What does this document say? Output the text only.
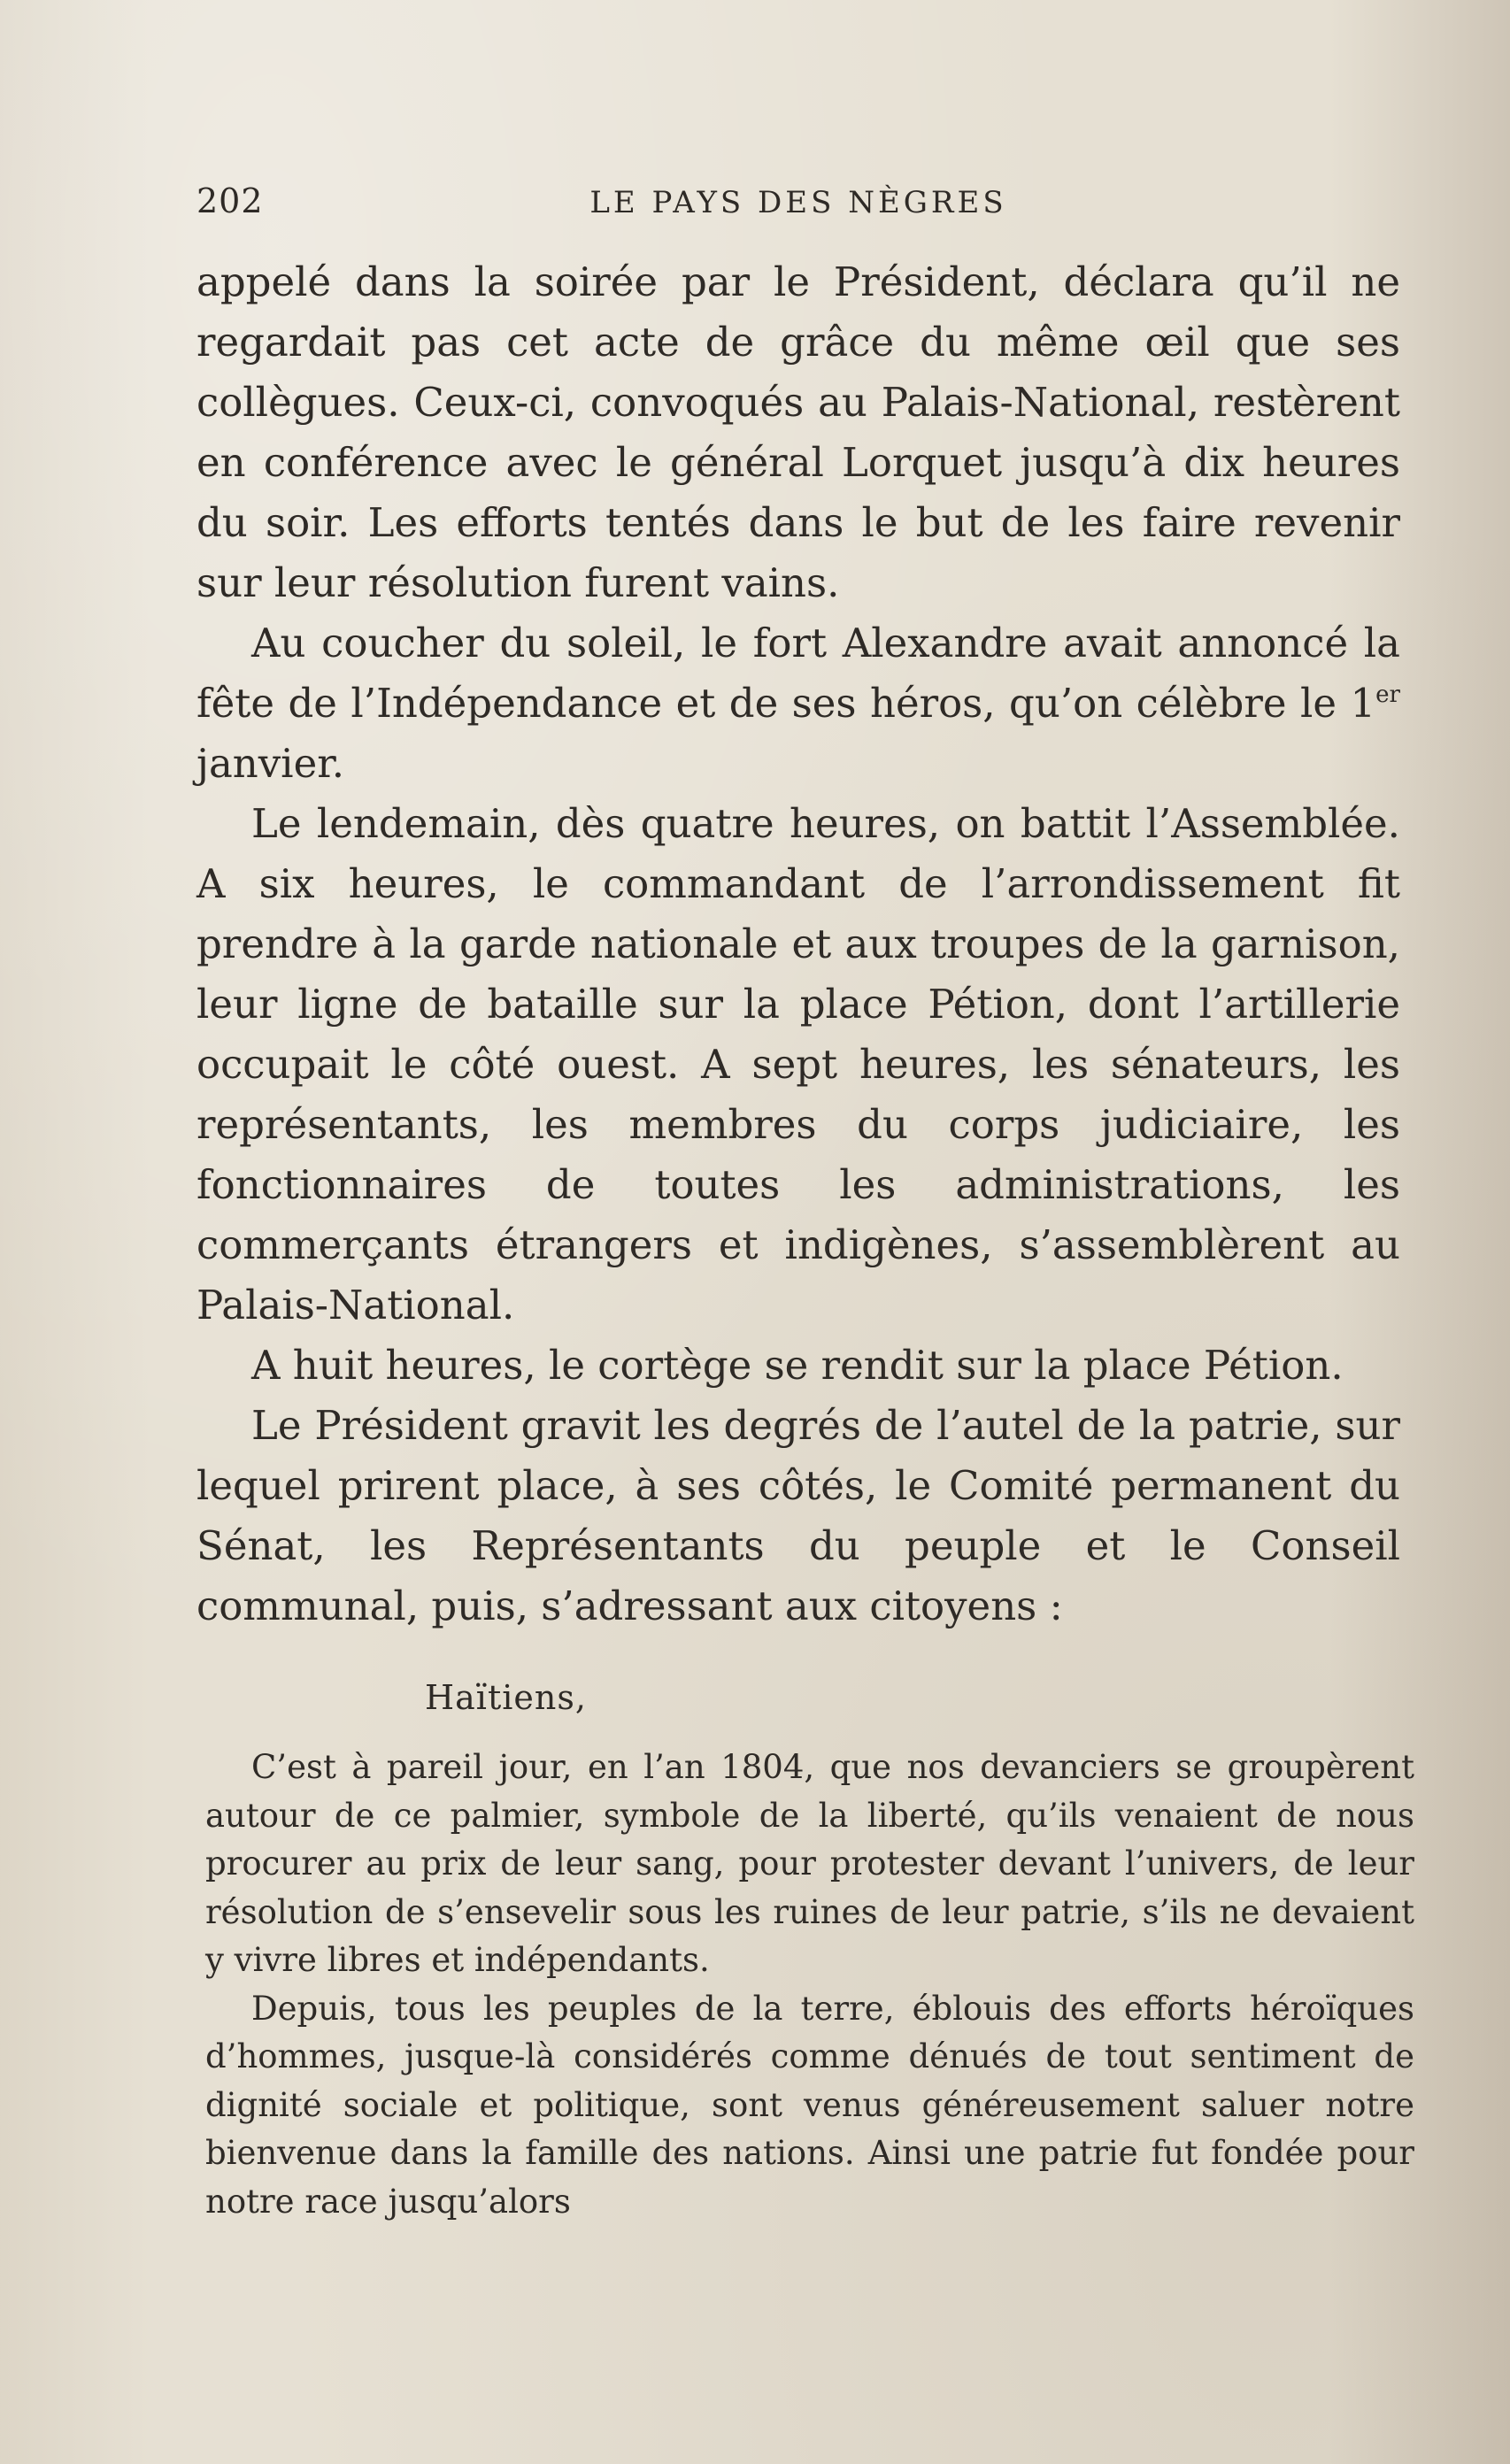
202	LE PAYS DES NÈGRES

appelé dans la soirée par le Président, déclara qu’il ne regardait pas cet acte de grâce du même œil que ses collègues. Ceux-ci, convoqués au Palais-National, restèrent en conférence avec le général Lorquet jusqu’à dix heures du soir. Les efforts tentés dans le but de les faire revenir sur leur résolution furent vains.

Au coucher du soleil, le fort Alexandre avait annoncé la fête de l’Indépendance et de ses héros, qu’on célèbre le 1er janvier.

Le lendemain, dès quatre heures, on battit l’Assemblée. A six heures, le commandant de l’arrondissement fit prendre à la garde nationale et aux troupes de la garnison, leur ligne de bataille sur la place Pétion, dont l’artillerie occupait le côté ouest. A sept heures, les sénateurs, les représentants, les membres du corps judiciaire, les fonctionnaires de toutes les administrations, les commerçants étrangers et indigènes, s’assemblèrent au Palais-National.

A huit heures, le cortège se rendit sur la place Pétion.

Le Président gravit les degrés de l’autel de la patrie, sur lequel prirent place, à ses côtés, le Comité permanent du Sénat, les Représentants du peuple et le Conseil communal, puis, s’adressant aux citoyens :

Haïtiens,

C’est à pareil jour, en l’an 1804, que nos devanciers se groupèrent autour de ce palmier, symbole de la liberté, qu’ils venaient de nous procurer au prix de leur sang, pour protester devant l’univers, de leur résolution de s’ensevelir sous les ruines de leur patrie, s’ils ne devaient y vivre libres et indépendants.

Depuis, tous les peuples de la terre, éblouis des efforts héroïques d’hommes, jusque-là considérés comme dénués de tout sentiment de dignité sociale et politique, sont venus généreusement saluer notre bienvenue dans la famille des nations. Ainsi une patrie fut fondée pour notre race jusqu’alors
